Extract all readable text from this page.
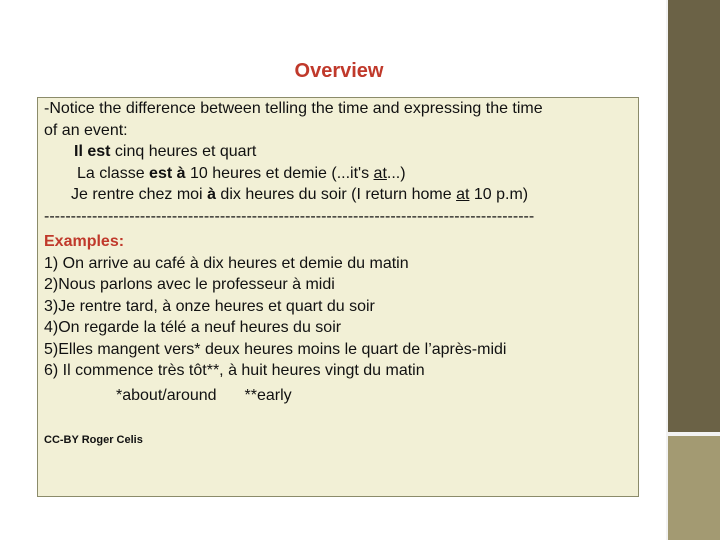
Overview
-Notice the difference between telling the time and expressing the time
of an event:
Il est cinq heures et quart
La classe est à 10 heures et demie (...it's at...)
Je rentre chez moi à dix heures du soir (I return home at 10 p.m)
--------------------------------------------------------------------------------------------
Examples:
1) On arrive au café à dix heures et demie du matin
2)Nous parlons avec le professeur à midi
3)Je rentre tard, à onze heures et quart du soir
4)On regarde la télé a neuf heures du soir
5)Elles mangent vers* deux heures moins le quart de l’après-midi
6) Il commence très tôt**, à huit heures vingt du matin
*about/around **early
CC-BY Roger Celis
